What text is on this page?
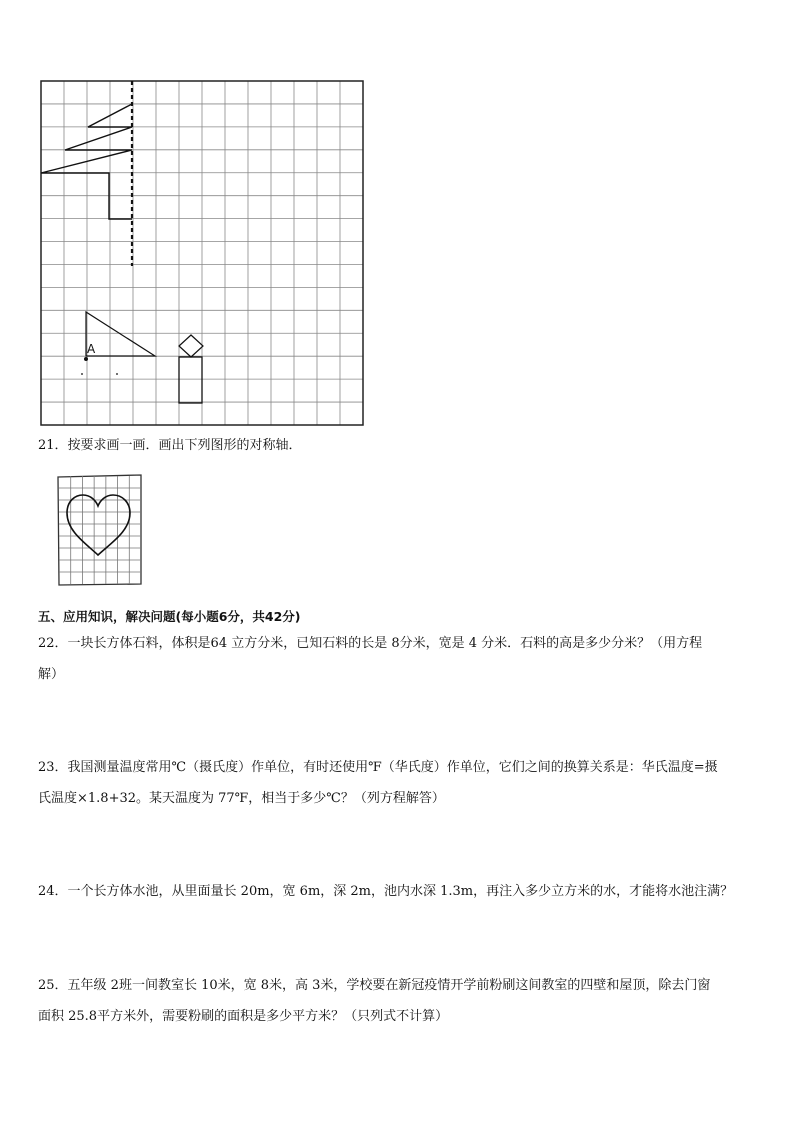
A
21．按要求画一画．画出下列图形的对称轴．
五、应用知识，解决问题(每小题6分，共42分)
22．一块长方体石料，体积是64 立方分米，已知石料的长是 8分米，宽是 4 分米．石料的高是多少分米？（用方程
解）
23．我国测量温度常用℃（摄氏度）作单位，有时还使用℉（华氏度）作单位，它们之间的换算关系是：华氏温度=摄
氏温度×1.8+32。某天温度为 77℉，相当于多少℃？（列方程解答）
24．一个长方体水池，从里面量长 20m，宽 6m，深 2m，池内水深 1.3m，再注入多少立方米的水，才能将水池注满？
25．五年级 2班一间教室长 10米，宽 8米，高 3米，学校要在新冠疫情开学前粉刷这间教室的四壁和屋顶，除去门窗
面积 25.8平方米外，需要粉刷的面积是多少平方米？（只列式不计算）
